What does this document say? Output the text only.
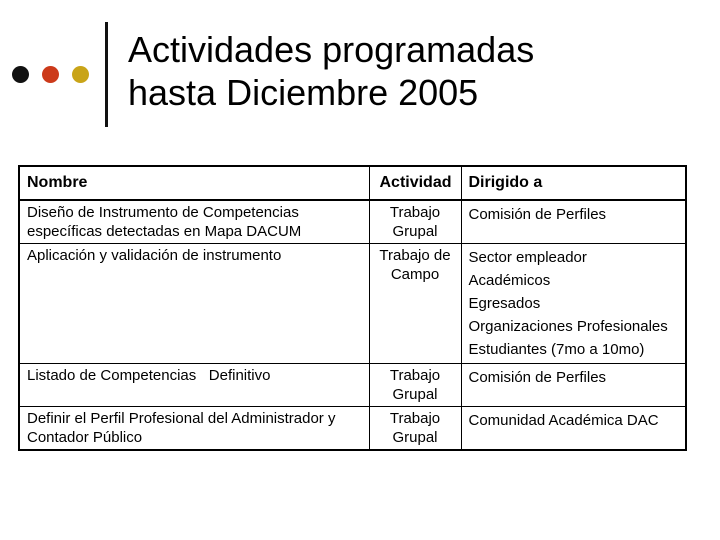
Actividades programadas
hasta Diciembre 2005
Nombre	Actividad	Dirigido a
Diseño de Instrumento de Competencias específicas detectadas en Mapa DACUM	Trabajo Grupal	Comisión de Perfiles

Aplicación y validación de instrumento	Trabajo de Campo	Sector empleador
Académicos
Egresados
Organizaciones Profesionales
Estudiantes (7mo a 10mo)

Listado de Competencias   Definitivo	Trabajo Grupal	Comisión de Perfiles

Definir el Perfil Profesional del Administrador y Contador Público	Trabajo Grupal	Comunidad Académica DAC
